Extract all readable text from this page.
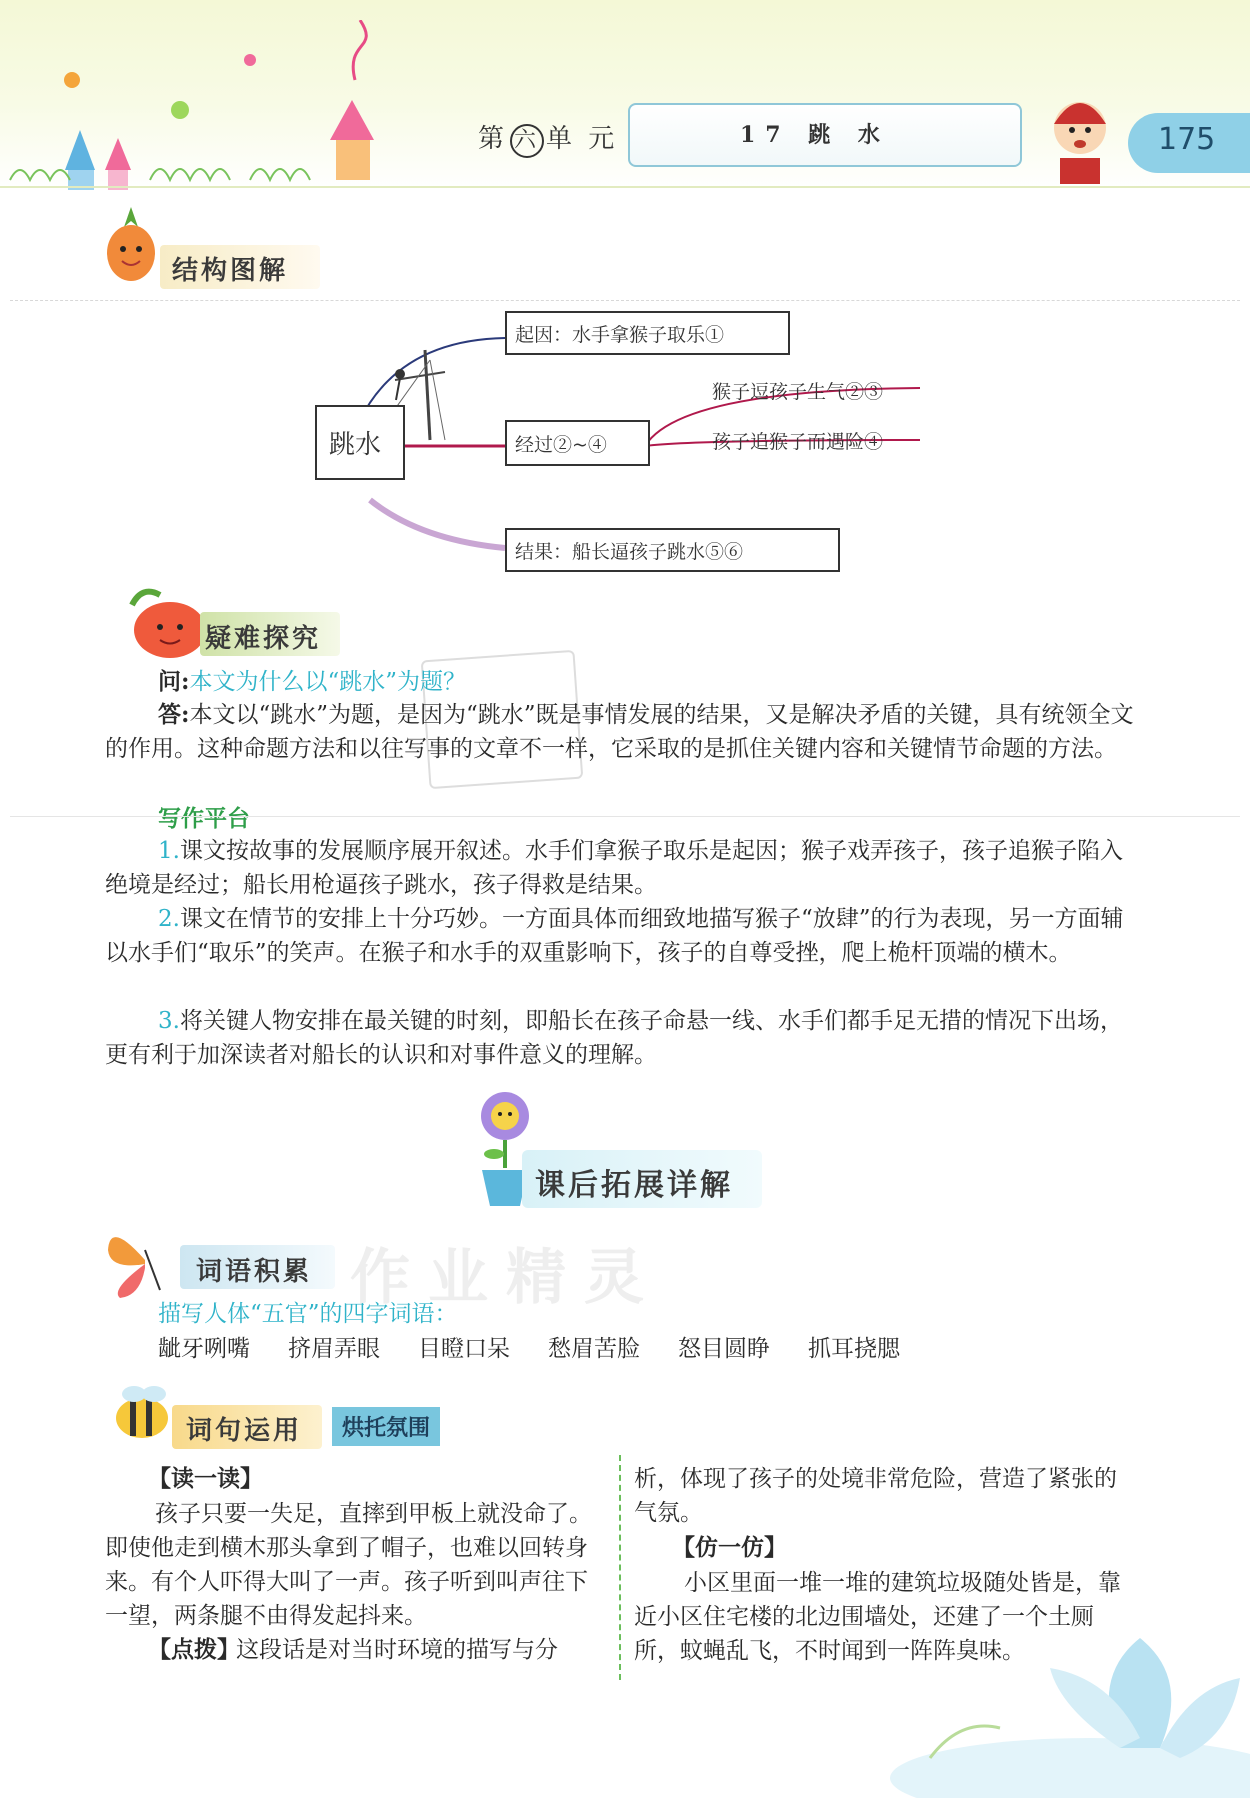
第 六 单 元	17 跳 水	175
结构图解
跳水
起因：水手拿猴子取乐①
经过②~④
猴子逗孩子生气②③
孩子追猴子而遇险④
结果：船长逼孩子跳水⑤⑥
疑难探究
问:本文为什么以“跳水”为题？
答:本文以“跳水”为题，是因为“跳水”既是事情发展的结果，又是解决矛盾的关键，具有统领全文的作用。这种命题方法和以往写事的文章不一样，它采取的是抓住关键内容和关键情节命题的方法。
写作平台
1.课文按故事的发展顺序展开叙述。水手们拿猴子取乐是起因；猴子戏弄孩子，孩子追猴子陷入绝境是经过；船长用枪逼孩子跳水，孩子得救是结果。
2.课文在情节的安排上十分巧妙。一方面具体而细致地描写猴子“放肆”的行为表现，另一方面辅以水手们“取乐”的笑声。在猴子和水手的双重影响下，孩子的自尊受挫，爬上桅杆顶端的横木。
3.将关键人物安排在最关键的时刻，即船长在孩子命悬一线、水手们都手足无措的情况下出场，更有利于加深读者对船长的认识和对事件意义的理解。
课后拓展详解
词语积累 作业精灵
描写人体“五官”的四字词语：
龇牙咧嘴 挤眉弄眼 目瞪口呆 愁眉苦脸 怒目圆睁 抓耳挠腮
词句运用	烘托氛围
【读一读】
孩子只要一失足，直摔到甲板上就没命了。即使他走到横木那头拿到了帽子，也难以回转身来。有个人吓得大叫了一声。孩子听到叫声往下一望，两条腿不由得发起抖来。
【点拨】
这段话是对当时环境的描写与分
析，体现了孩子的处境非常危险，营造了紧张的气氛。
【仿一仿】
小区里面一堆一堆的建筑垃圾随处皆是，靠近小区住宅楼的北边围墙处，还建了一个土厕所，蚊蝇乱飞，不时闻到一阵阵臭味。
